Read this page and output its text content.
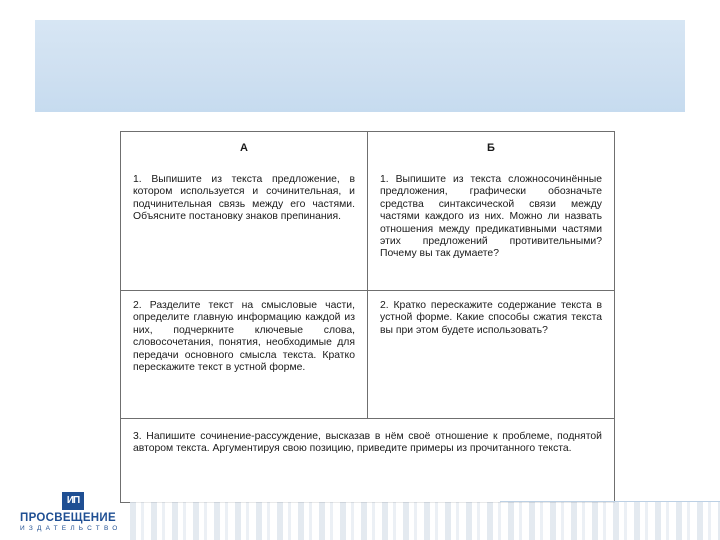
А	Б
1. Выпишите из текста предложение, в котором используется и сочинительная, и подчинительная связь между его частями. Объясните постановку знаков препинания.	1. Выпишите из текста сложносочинённые предложения, графически обозначьте средства синтаксической связи между частями каждого из них. Можно ли назвать отношения между предикативными частями этих предложений противительными? Почему вы так думаете?
2. Разделите текст на смысловые части, определите главную информацию каждой из них, подчеркните ключевые слова, словосочетания, понятия, необходимые для передачи основного смысла текста. Кратко перескажите текст в устной форме.	2. Кратко перескажите содержание текста в устной форме. Какие способы сжатия текста вы при этом будете использовать?
3. Напишите сочинение-рассуждение, высказав в нём своё отношение к проблеме, поднятой автором текста. Аргументируя свою позицию, приведите примеры из прочитанного текста.	
ИП
ПРОСВЕЩЕНИЕ
ИЗДАТЕЛЬСТВО
